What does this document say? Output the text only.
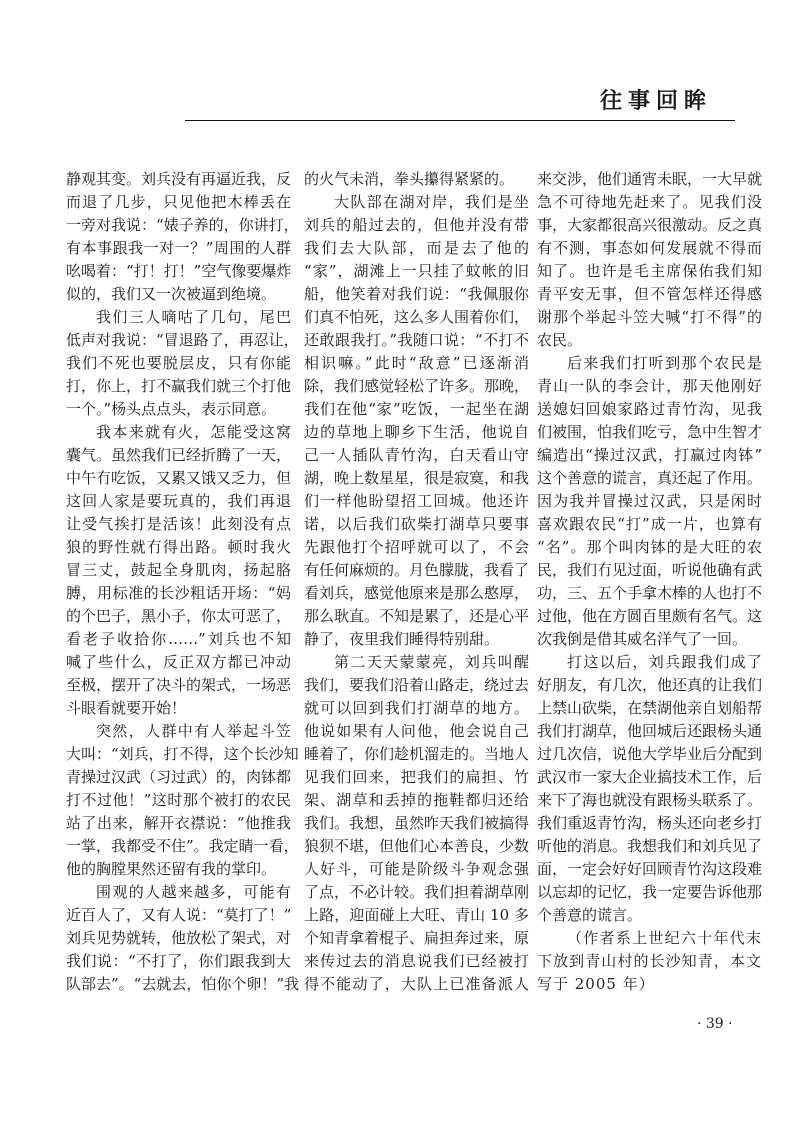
往事回眸
静观其变。刘兵没有再逼近我，反
而退了几步，只见他把木棒丢在
一旁对我说：“婊子养的，你讲打，
有本事跟我一对一？”周围的人群
吆喝着：“打！打！”空气像要爆炸
似的，我们又一次被逼到绝境。
我们三人嘀咕了几句，尾巴
低声对我说：“冒退路了，再忍让，
我们不死也要脱层皮，只有你能
打，你上，打不赢我们就三个打他
一个。”杨头点点头，表示同意。
我本来就有火，怎能受这窝
囊气。虽然我们已经折腾了一天，
中午冇吃饭，又累又饿又乏力，但
这回人家是要玩真的，我们再退
让受气挨打是活该！此刻没有点
狼的野性就冇得出路。顿时我火
冒三丈，鼓起全身肌肉，扬起胳
膊，用标准的长沙粗话开场：“妈
的个巴子，黑小子，你太可恶了，
看老子收拾你……”刘兵也不知
喊了些什么，反正双方都已冲动
至极，摆开了决斗的架式，一场恶
斗眼看就要开始！
突然，人群中有人举起斗笠
大叫：“刘兵，打不得，这个长沙知
青操过汉武（习过武）的，肉钵都
打不过他！”这时那个被打的农民
站了出来，解开衣襟说：“他推我
一掌，我都受不住”。我定睛一看，
他的胸膛果然还留有我的掌印。
围观的人越来越多，可能有
近百人了，又有人说：“莫打了！”
刘兵见势就转，他放松了架式，对
我们说：“不打了，你们跟我到大
队部去”。“去就去，怕你个卵！”我
的火气未消，拳头攥得紧紧的。
大队部在湖对岸，我们是坐
刘兵的船过去的，但他并没有带
我们去大队部，而是去了他的
“家”，湖滩上一只挂了蚊帐的旧
船，他笑着对我们说：“我佩服你
们真不怕死，这么多人围着你们，
还敢跟我打。”我随口说：“不打不
相识嘛。”此时“敌意”已逐渐消
除，我们感觉轻松了许多。那晚，
我们在他“家”吃饭，一起坐在湖
边的草地上聊乡下生活，他说自
己一人插队青竹沟，白天看山守
湖，晚上数星星，很是寂寞，和我
们一样他盼望招工回城。他还许
诺，以后我们砍柴打湖草只要事
先跟他打个招呼就可以了，不会
有任何麻烦的。月色朦胧，我看了
看刘兵，感觉他原来是那么憨厚，
那么耿直。不知是累了，还是心平
静了，夜里我们睡得特别甜。
第二天天蒙蒙亮，刘兵叫醒
我们，要我们沿着山路走，绕过去
就可以回到我们打湖草的地方。
他说如果有人问他，他会说自己
睡着了，你们趁机溜走的。当地人
见我们回来，把我们的扁担、竹
架、湖草和丢掉的拖鞋都归还给
我们。我想，虽然昨天我们被搞得
狼狈不堪，但他们心本善良，少数
人好斗，可能是阶级斗争观念强
了点，不必计较。我们担着湖草刚
上路，迎面碰上大旺、青山 10 多
个知青拿着棍子、扁担奔过来，原
来传过去的消息说我们已经被打
得不能动了，大队上已准备派人
来交涉，他们通宵未眠，一大早就
急不可待地先赶来了。见我们没
事，大家都很高兴很激动。反之真
有不测，事态如何发展就不得而
知了。也许是毛主席保佑我们知
青平安无事，但不管怎样还得感
谢那个举起斗笠大喊“打不得”的
农民。
后来我们打听到那个农民是
青山一队的李会计，那天他刚好
送媳妇回娘家路过青竹沟，见我
们被围，怕我们吃亏，急中生智才
编造出“操过汉武，打赢过肉钵”
这个善意的谎言，真还起了作用。
因为我并冒操过汉武，只是闲时
喜欢跟农民“打”成一片，也算有
“名”。那个叫肉钵的是大旺的农
民，我们冇见过面，听说他确有武
功，三、五个手拿木棒的人也打不
过他，他在方圆百里颇有名气。这
次我倒是借其威名洋气了一回。
打这以后，刘兵跟我们成了
好朋友，有几次，他还真的让我们
上禁山砍柴，在禁湖他亲自划船帮
我们打湖草，他回城后还跟杨头通
过几次信，说他大学毕业后分配到
武汉市一家大企业搞技术工作，后
来下了海也就没有跟杨头联系了。
我们重返青竹沟，杨头还向老乡打
听他的消息。我想我们和刘兵见了
面，一定会好好回顾青竹沟这段难
以忘却的记忆，我一定要告诉他那
个善意的谎言。
（作者系上世纪六十年代末
下放到青山村的长沙知青，本文
写于 2005 年）
· 39 ·
